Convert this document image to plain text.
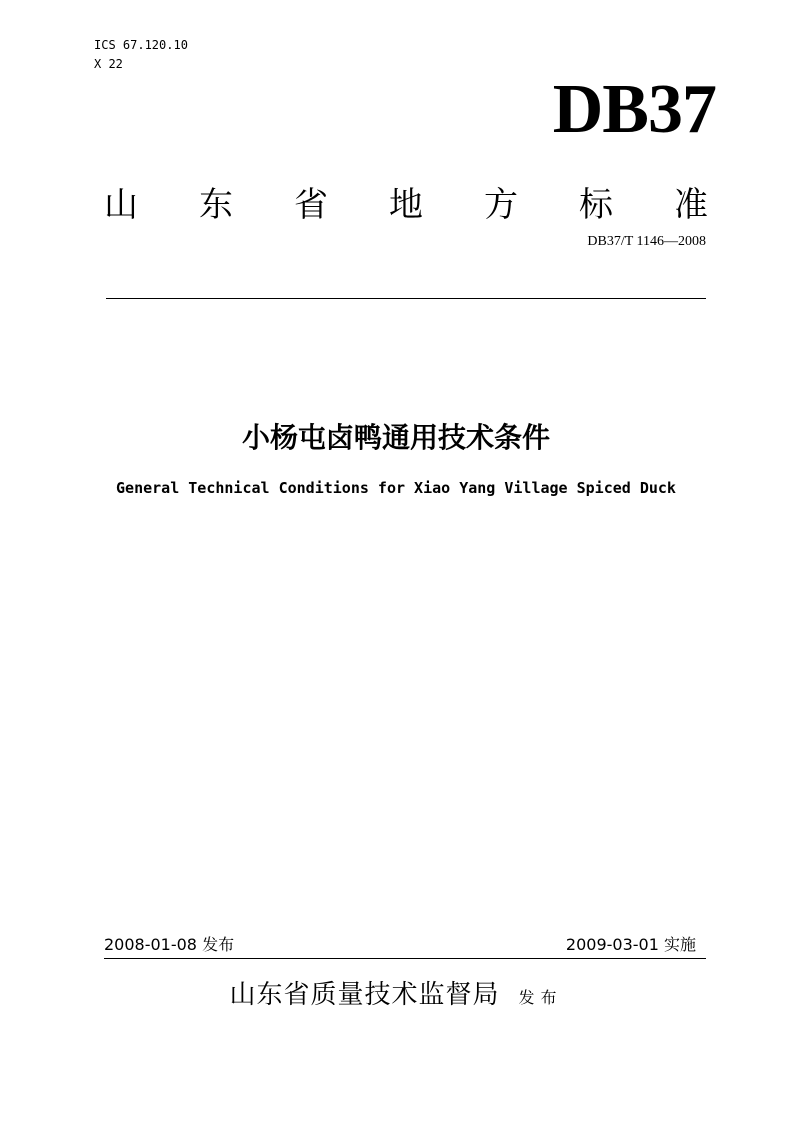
ICS 67.120.10
X 22
DB37
山 东 省 地 方 标 准
DB37/T 1146—2008
小杨屯卤鸭通用技术条件
General Technical Conditions for Xiao Yang Village Spiced Duck
2008-01-08 发布	2009-03-01 实施
山东省质量技术监督局 发布
